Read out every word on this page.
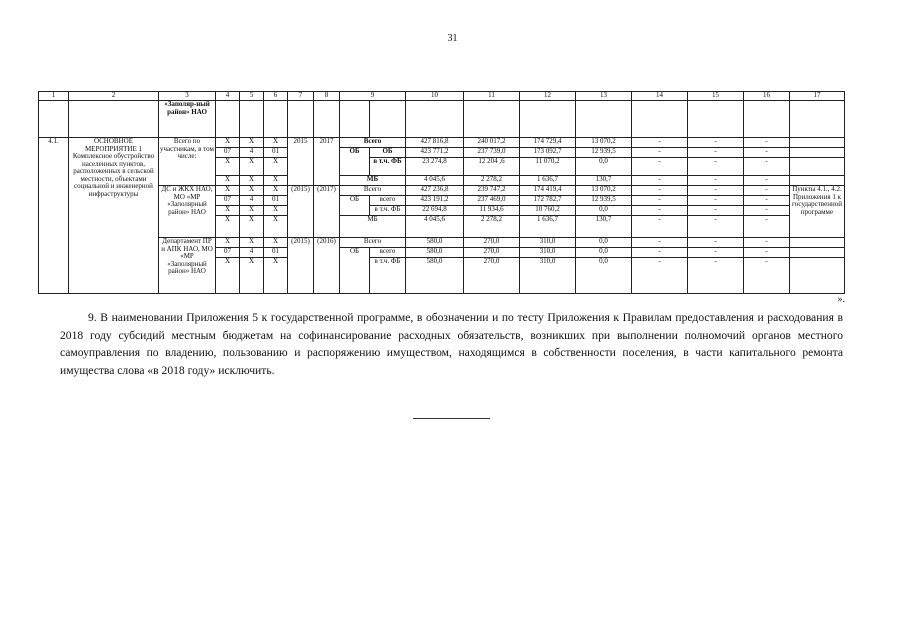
31
1	2	3	4	5	6	7	8	9		10	11	12	13	14	15	16	17
		«Заполяр-ный район» НАО															
4.1.	ОСНОВНОЕ МЕРОПРИЯТИЕ 1 Комплексное обустройство населенных пунктов, расположенных в сельской местности, объектами социальной и инженерной инфраструктуры	Всего по участникам, в том числе:	Х	Х	Х	2015	2017	Всего		427 816,8	240 017,2	174 729,4	13 070,2	-	-	-	
			07	4	01			ОБ	ОБ	423 771,2	237 739,0	173 092,7	12 939,5	-	-	-	
			Х	Х	Х				в т.ч. ФБ	23 274,8	12 204 ,6	11 070,2	0,0	-	-	-	
			Х	Х	Х			МБ		4 045,6	2 278,2	1 636,7	130,7	-	-	-	
		ДС и ЖКХ НАО, МО «МР «Заполярный район» НАО	Х	Х	Х	(2015)	(2017)	Всего		427 236,8	239 747,2	174 419,4	13 070,2	-	-	-	Пункты 4.1., 4.2. Приложения 1 к государственной программе
			07	4	01			ОБ	всего	423 191,2	237 469,0	172 782,7	12 939,5	-	-	-	
			Х	Х	Х				в т.ч. ФБ	22 694,8	11 934,6	10 760,2	0,0	-	-	-	
			Х	Х	Х			МБ		4 045,6	2 278,2	1 636,7	130,7	-	-	-	
		Департамент ПР и АПК НАО, МО «МР «Заполярный район» НАО	Х	Х	Х	(2015)	(2016)	Всего		580,0	270,0	310,0	0,0	-	-	-	
			07	4	01			ОБ	всего	580,0	270,0	310,0	0,0	-	-	-	
			Х	Х	Х				в т.ч. ФБ	580,0	270,0	310,0	0,0	-	-	-	
».
9. В наименовании Приложения 5 к государственной программе, в обозначении и по тесту Приложения к Правилам предоставления и расходования в 2018 году субсидий местным бюджетам на софинансирование расходных обязательств, возникших при выполнении полномочий органов местного самоуправления по владению, пользованию и распоряжению имуществом, находящимся в собственности поселения, в части капитального ремонта имущества слова «в 2018 году» исключить.
